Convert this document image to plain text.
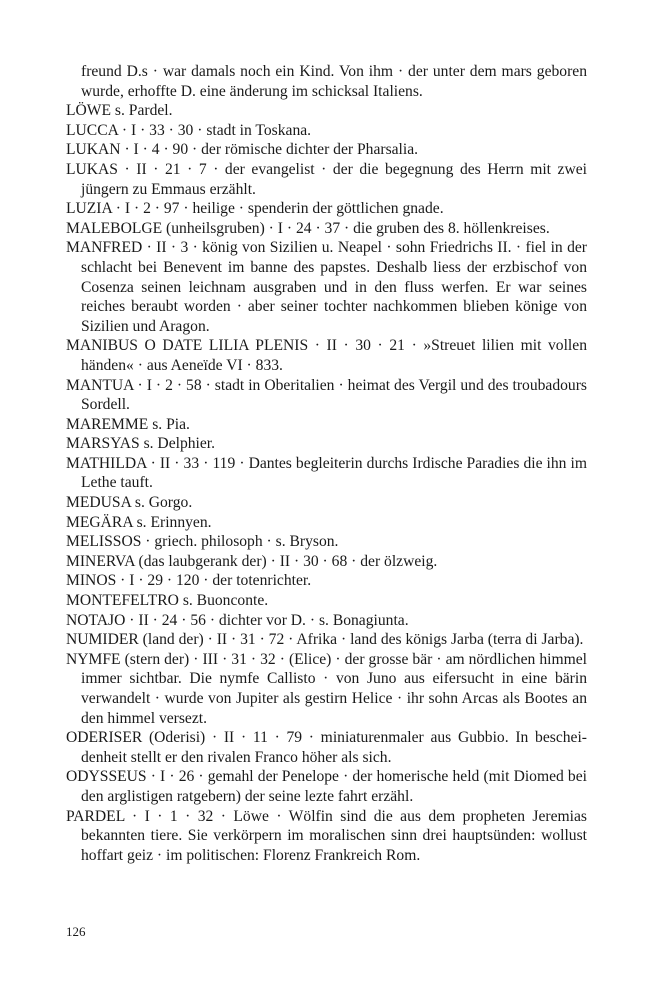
freund D.s · war damals noch ein Kind. Von ihm · der unter dem mars geboren wurde, erhoffte D. eine änderung im schicksal Italiens.

LÖWE s. Pardel.

LUCCA · I · 33 · 30 · stadt in Toskana.

LUKAN · I · 4 · 90 · der römische dichter der Pharsalia.

LUKAS · II · 21 · 7 · der evangelist · der die begegnung des Herrn mit zwei jüngern zu Emmaus erzählt.

LUZIA · I · 2 · 97 · heilige · spenderin der göttlichen gnade.

MALEBOLGE (unheilsgruben) · I · 24 · 37 · die gruben des 8. höllenkreises.

MANFRED · II · 3 · könig von Sizilien u. Neapel · sohn Friedrichs II. · fiel in der schlacht bei Benevent im banne des papstes. Deshalb liess der erzbischof von Cosenza seinen leichnam ausgraben und in den fluss werfen. Er war seines reiches beraubt worden · aber seiner tochter nachkommen blieben könige von Sizilien und Aragon.

MANIBUS O DATE LILIA PLENIS · II · 30 · 21 · »Streuet lilien mit vollen händen« · aus Aeneïde VI · 833.

MANTUA · I · 2 · 58 · stadt in Oberitalien · heimat des Vergil und des troubadours Sordell.

MAREMME s. Pia.

MARSYAS s. Delphier.

MATHILDA · II · 33 · 119 · Dantes begleiterin durchs Irdische Paradies die ihn im Lethe tauft.

MEDUSA s. Gorgo.

MEGÄRA s. Erinnyen.

MELISSOS · griech. philosoph · s. Bryson.

MINERVA (das laubgerank der) · II · 30 · 68 · der ölzweig.

MINOS · I · 29 · 120 · der totenrichter.

MONTEFELTRO s. Buonconte.

NOTAJO · II · 24 · 56 · dichter vor D. · s. Bonagiunta.

NUMIDER (land der) · II · 31 · 72 · Afrika · land des königs Jarba (terra di Jarba).

NYMFE (stern der) · III · 31 · 32 · (Elice) · der grosse bär · am nördlichen himmel immer sichtbar. Die nymfe Callisto · von Juno aus eifersucht in eine bärin verwandelt · wurde von Jupiter als gestirn Helice · ihr sohn Arcas als Bootes an den himmel versezt.

ODERISER (Oderisi) · II · 11 · 79 · miniaturenmaler aus Gubbio. In bescheidenheit stellt er den rivalen Franco höher als sich.

ODYSSEUS · I · 26 · gemahl der Penelope · der homerische held (mit Diomed bei den arglistigen ratgebern) der seine lezte fahrt erzähl.

PARDEL · I · 1 · 32 · Löwe · Wölfin sind die aus dem propheten Jeremias bekannten tiere. Sie verkörpern im moralischen sinn drei hauptsünden: wollust hoffart geiz · im politischen: Florenz Frankreich Rom.

126
